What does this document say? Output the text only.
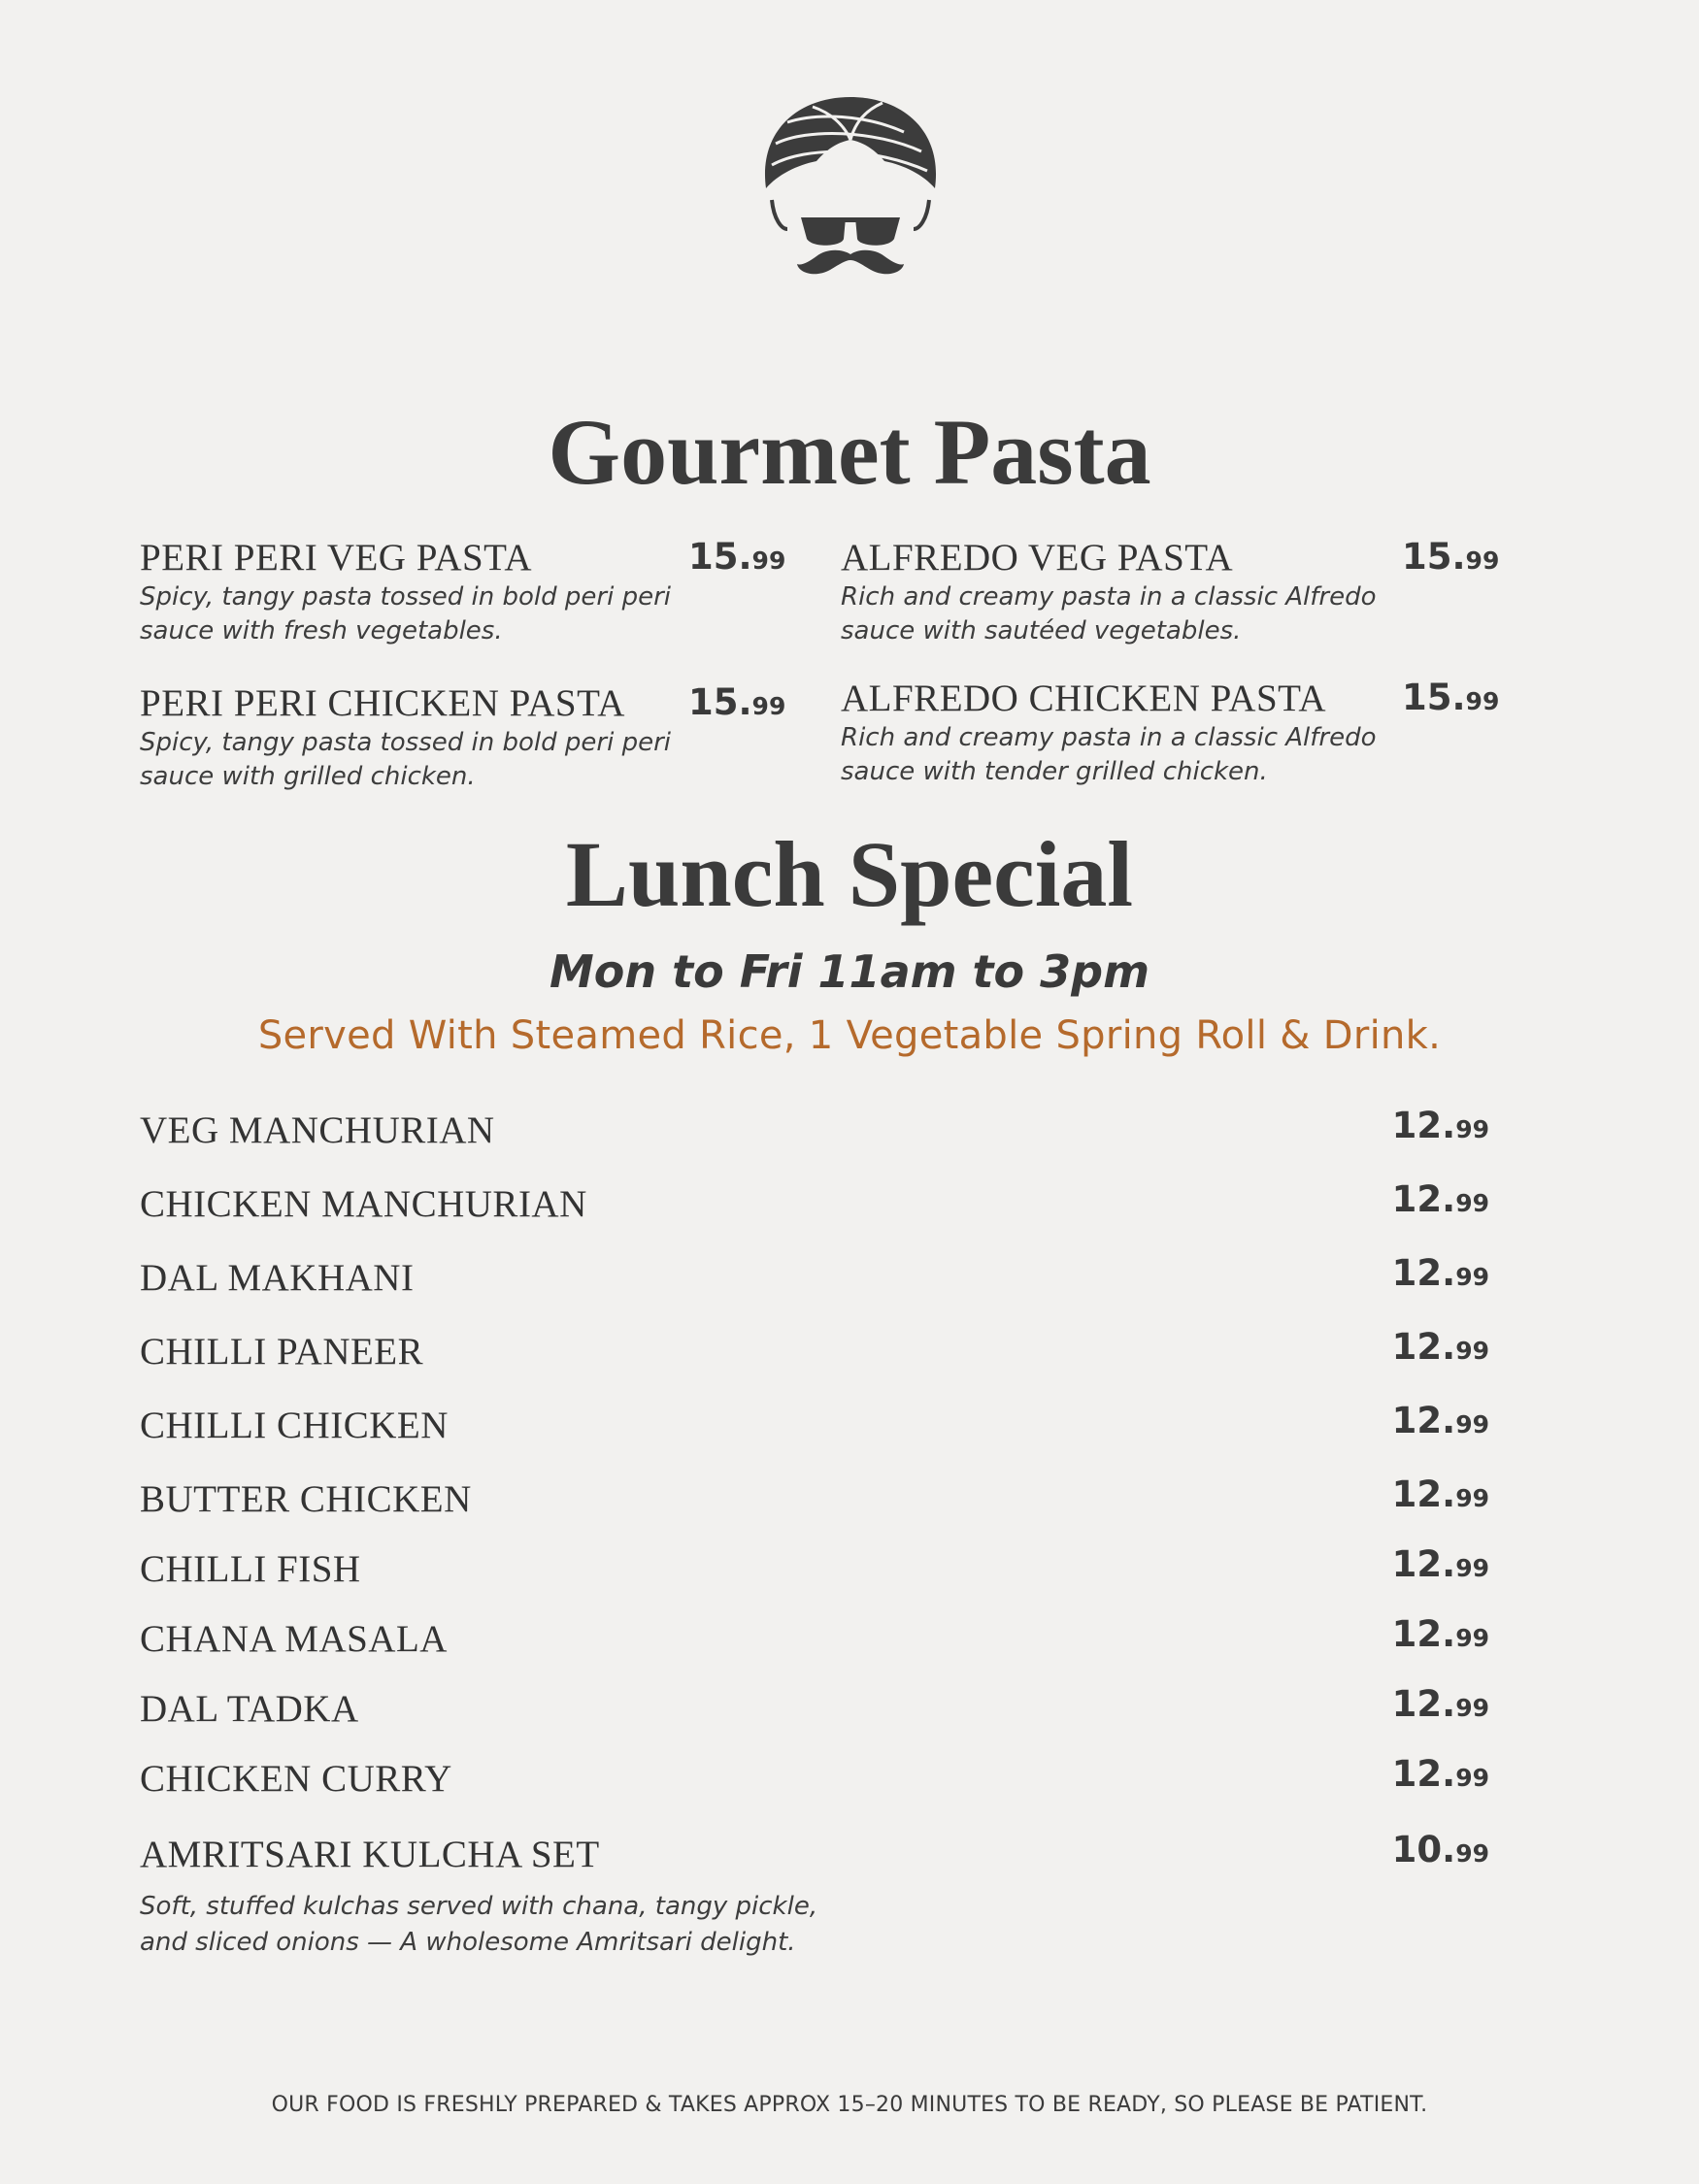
Gourmet Pasta
PERI PERI VEG PASTA	15.99
Spicy, tangy pasta tossed in bold peri peri sauce with fresh vegetables.
ALFREDO VEG PASTA	15.99
Rich and creamy pasta in a classic Alfredo sauce with sautéed vegetables.
PERI PERI CHICKEN PASTA 15.99
Spicy, tangy pasta tossed in bold peri peri sauce with grilled chicken.
ALFREDO CHICKEN PASTA 15.99
Rich and creamy pasta in a classic Alfredo sauce with tender grilled chicken.
Lunch Special
Mon to Fri 11am to 3pm
Served With Steamed Rice, 1 Vegetable Spring Roll & Drink.
VEG MANCHURIAN	12.99
CHICKEN MANCHURIAN	12.99
DAL MAKHANI	12.99
CHILLI PANEER	12.99
CHILLI CHICKEN	12.99
BUTTER CHICKEN	12.99
CHILLI FISH	12.99
CHANA MASALA	12.99
DAL TADKA	12.99
CHICKEN CURRY	12.99
AMRITSARI KULCHA SET	10.99
Soft, stuffed kulchas served with chana, tangy pickle,
and sliced onions — A wholesome Amritsari delight.
OUR FOOD IS FRESHLY PREPARED & TAKES APPROX 15–20 MINUTES TO BE READY, SO PLEASE BE PATIENT.
